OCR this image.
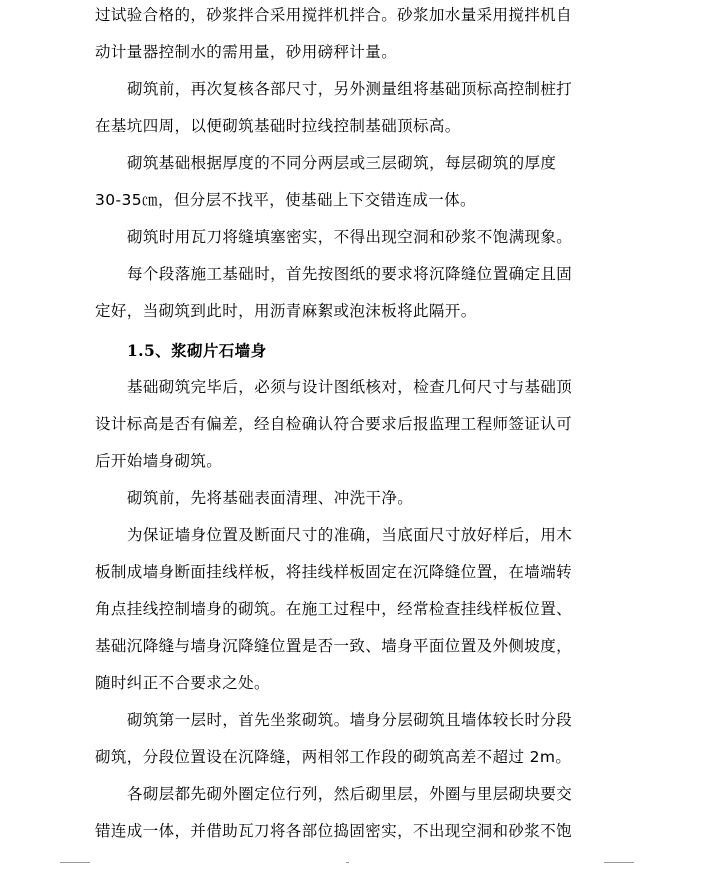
过试验合格的，砂浆拌合采用搅拌机拌合。砂浆加水量采用搅拌机自
动计量器控制水的需用量，砂用磅秤计量。
砌筑前，再次复核各部尺寸，另外测量组将基础顶标高控制桩打
在基坑四周，以便砌筑基础时拉线控制基础顶标高。
砌筑基础根据厚度的不同分两层或三层砌筑，每层砌筑的厚度
30-35㎝，但分层不找平，使基础上下交错连成一体。
砌筑时用瓦刀将缝填塞密实，不得出现空洞和砂浆不饱满现象。
每个段落施工基础时，首先按图纸的要求将沉降缝位置确定且固
定好，当砌筑到此时，用沥青麻絮或泡沫板将此隔开。
1.5、浆砌片石墙身
基础砌筑完毕后，必须与设计图纸核对，检查几何尺寸与基础顶
设计标高是否有偏差，经自检确认符合要求后报监理工程师签证认可
后开始墙身砌筑。
砌筑前，先将基础表面清理、冲洗干净。
为保证墙身位置及断面尺寸的准确，当底面尺寸放好样后，用木
板制成墙身断面挂线样板，将挂线样板固定在沉降缝位置，在墙端转
角点挂线控制墙身的砌筑。在施工过程中，经常检查挂线样板位置、
基础沉降缝与墙身沉降缝位置是否一致、墙身平面位置及外侧坡度，
随时纠正不合要求之处。
砌筑第一层时，首先坐浆砌筑。墙身分层砌筑且墙体较长时分段
砌筑，分段位置设在沉降缝，两相邻工作段的砌筑高差不超过 2m。
各砌层都先砌外圈定位行列，然后砌里层，外圈与里层砌块要交
错连成一体，并借助瓦刀将各部位捣固密实，不出现空洞和砂浆不饱
